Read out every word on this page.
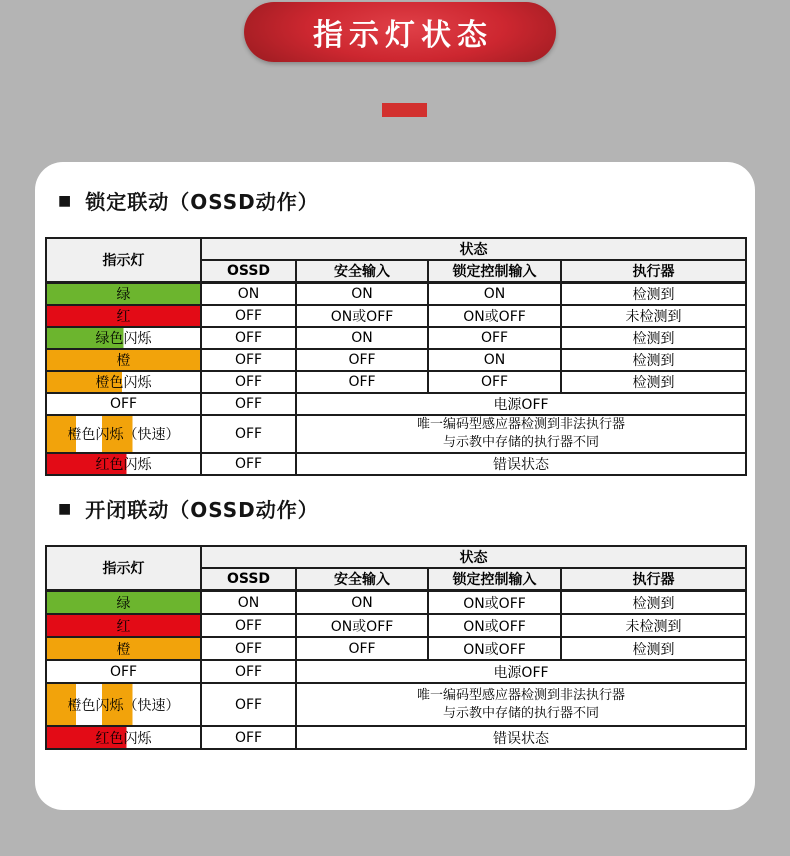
指示灯状态
■ 锁定联动（OSSD动作）
指示灯	状态			
	OSSD	安全输入	锁定控制输入	执行器
绿	ON	ON	ON	检测到
红	OFF	ON或OFF	ON或OFF	未检测到
绿色闪烁	OFF	ON	OFF	检测到
橙	OFF	OFF	ON	检测到
橙色闪烁	OFF	OFF	OFF	检测到
OFF	OFF	电源OFF		
橙色闪烁（快速）	OFF	唯一编码型感应器检测到非法执行器
与示教中存储的执行器不同		

红色闪烁	OFF	错误状态		
■ 开闭联动（OSSD动作）
指示灯	状态			
	OSSD	安全输入	锁定控制输入	执行器
绿	ON	ON	ON或OFF	检测到
红	OFF	ON或OFF	ON或OFF	未检测到
橙	OFF	OFF	ON或OFF	检测到
OFF	OFF	电源OFF		
橙色闪烁（快速）	OFF	唯一编码型感应器检测到非法执行器
与示教中存储的执行器不同		

红色闪烁	OFF	错误状态		
